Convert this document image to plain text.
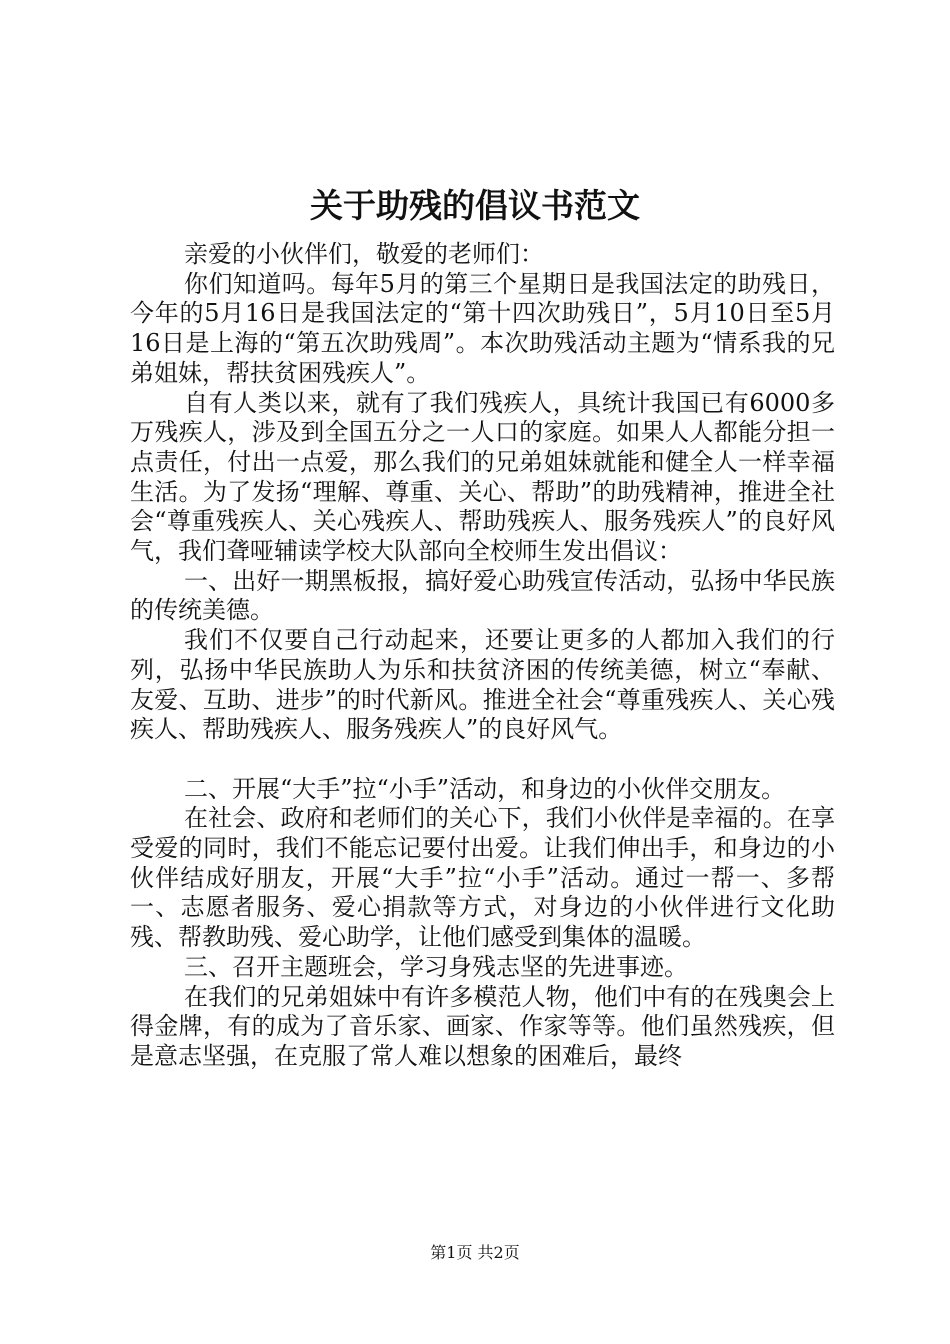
关于助残的倡议书范文

亲爱的小伙伴们，敬爱的老师们：

你们知道吗。每年5月的第三个星期日是我国法定的助残日，今年的5月16日是我国法定的“第十四次助残日”，5月10日至5月16日是上海的“第五次助残周”。本次助残活动主题为“情系我的兄弟姐妹，帮扶贫困残疾人”。

自有人类以来，就有了我们残疾人，具统计我国已有6000多万残疾人，涉及到全国五分之一人口的家庭。如果人人都能分担一点责任，付出一点爱，那么我们的兄弟姐妹就能和健全人一样幸福生活。为了发扬“理解、尊重、关心、帮助”的助残精神，推进全社会“尊重残疾人、关心残疾人、帮助残疾人、服务残疾人”的良好风气，我们聋哑辅读学校大队部向全校师生发出倡议：

一、出好一期黑板报，搞好爱心助残宣传活动，弘扬中华民族的传统美德。

我们不仅要自己行动起来，还要让更多的人都加入我们的行列，弘扬中华民族助人为乐和扶贫济困的传统美德，树立“奉献、友爱、互助、进步”的时代新风。推进全社会“尊重残疾人、关心残疾人、帮助残疾人、服务残疾人”的良好风气。

二、开展“大手”拉“小手”活动，和身边的小伙伴交朋友。

在社会、政府和老师们的关心下，我们小伙伴是幸福的。在享受爱的同时，我们不能忘记要付出爱。让我们伸出手，和身边的小伙伴结成好朋友，开展“大手”拉“小手”活动。通过一帮一、多帮一、志愿者服务、爱心捐款等方式，对身边的小伙伴进行文化助残、帮教助残、爱心助学，让他们感受到集体的温暖。

三、召开主题班会，学习身残志坚的先进事迹。

在我们的兄弟姐妹中有许多模范人物，他们中有的在残奥会上得金牌，有的成为了音乐家、画家、作家等等。他们虽然残疾，但是意志坚强，在克服了常人难以想象的困难后，最终

第1页 共2页
